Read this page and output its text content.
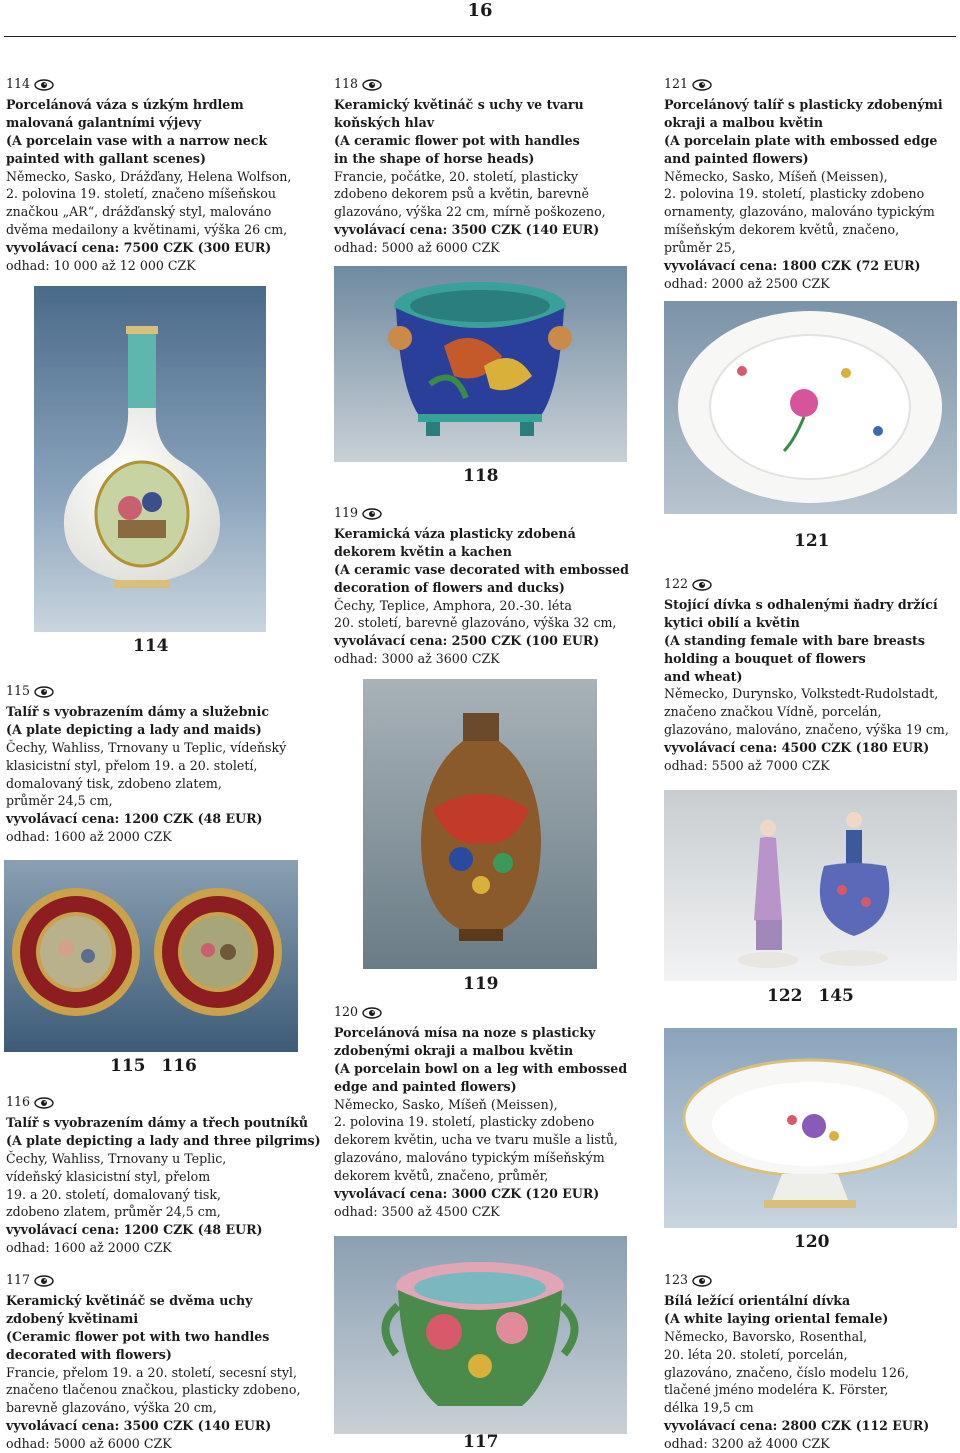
16
114
Porcelánová váza s úzkým hrdlem
malovaná galantními výjevy
(A porcelain vase with a narrow neck
painted with gallant scenes)
Německo, Sasko, Drážďany, Helena Wolfson,
2. polovina 19. století, značeno míšeňskou
značkou „AR“, drážďanský styl, malováno
dvěma medailony a květinami, výška 26 cm,
vyvolávací cena: 7500 CZK (300 EUR)
odhad: 10 000 až 12 000 CZK
114
115
Talíř s vyobrazením dámy a služebnic
(A plate depicting a lady and maids)
Čechy, Wahliss, Trnovany u Teplic, vídeňský
klasicistní styl, přelom 19. a 20. století,
domalovaný tisk, zdobeno zlatem,
průměr 24,5 cm,
vyvolávací cena: 1200 CZK (48 EUR)
odhad: 1600 až 2000 CZK
115 116
116
Talíř s vyobrazením dámy a třech poutníků
(A plate depicting a lady and three pilgrims)
Čechy, Wahliss, Trnovany u Teplic,
vídeňský klasicistní styl, přelom
19. a 20. století, domalovaný tisk,
zdobeno zlatem, průměr 24,5 cm,
vyvolávací cena: 1200 CZK (48 EUR)
odhad: 1600 až 2000 CZK
117
Keramický květináč se dvěma uchy
zdobený květinami
(Ceramic flower pot with two handles
decorated with flowers)
Francie, přelom 19. a 20. století, secesní styl,
značeno tlačenou značkou, plasticky zdobeno,
barevně glazováno, výška 20 cm,
vyvolávací cena: 3500 CZK (140 EUR)
odhad: 5000 až 6000 CZK
118
Keramický květináč s uchy ve tvaru
koňských hlav
(A ceramic flower pot with handles
in the shape of horse heads)
Francie, počátke, 20. století, plasticky
zdobeno dekorem psů a květin, barevně
glazováno, výška 22 cm, mírně poškozeno,
vyvolávací cena: 3500 CZK (140 EUR)
odhad: 5000 až 6000 CZK
118
119
Keramická váza plasticky zdobená
dekorem květin a kachen
(A ceramic vase decorated with embossed
decoration of flowers and ducks)
Čechy, Teplice, Amphora, 20.-30. léta
20. století, barevně glazováno, výška 32 cm,
vyvolávací cena: 2500 CZK (100 EUR)
odhad: 3000 až 3600 CZK
119
120
Porcelánová mísa na noze s plasticky
zdobenými okraji a malbou květin
(A porcelain bowl on a leg with embossed
edge and painted flowers)
Německo, Sasko, Míšeň (Meissen),
2. polovina 19. století, plasticky zdobeno
dekorem květin, ucha ve tvaru mušle a listů,
glazováno, malováno typickým míšeňským
dekorem květů, značeno, průměr,
vyvolávací cena: 3000 CZK (120 EUR)
odhad: 3500 až 4500 CZK
117
121
Porcelánový talíř s plasticky zdobenými
okraji a malbou květin
(A porcelain plate with embossed edge
and painted flowers)
Německo, Sasko, Míšeň (Meissen),
2. polovina 19. století, plasticky zdobeno
ornamenty, glazováno, malováno typickým
míšeňským dekorem květů, značeno,
průměr 25,
vyvolávací cena: 1800 CZK (72 EUR)
odhad: 2000 až 2500 CZK
121
122
Stojící dívka s odhalenými ňadry držící
kytici obilí a květin
(A standing female with bare breasts
holding a bouquet of flowers
and wheat)
Německo, Durynsko, Volkstedt-Rudolstadt,
značeno značkou Vídně, porcelán,
glazováno, malováno, značeno, výška 19 cm,
vyvolávací cena: 4500 CZK (180 EUR)
odhad: 5500 až 7000 CZK
122 145
120
123
Bílá ležící orientální dívka
(A white laying oriental female)
Německo, Bavorsko, Rosenthal,
20. léta 20. století, porcelán,
glazováno, značeno, číslo modelu 126,
tlačené jméno modeléra K. Förster,
délka 19,5 cm
vyvolávací cena: 2800 CZK (112 EUR)
odhad: 3200 až 4000 CZK
